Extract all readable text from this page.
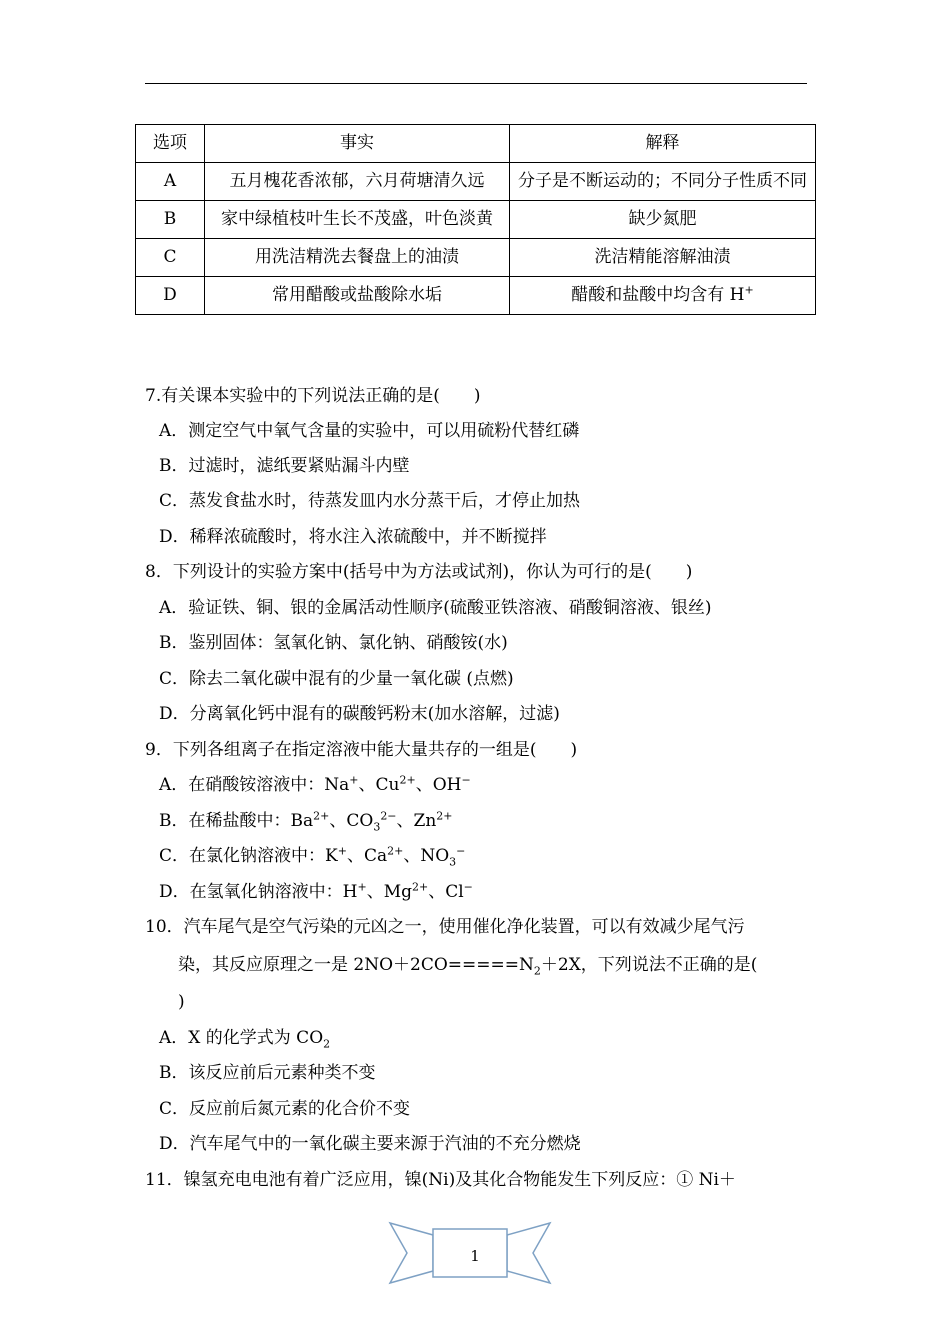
选项	事实	解释
A	五月槐花香浓郁，六月荷塘清久远	分子是不断运动的；不同分子性质不同
B	家中绿植枝叶生长不茂盛，叶色淡黄	缺少氮肥
C	用洗洁精洗去餐盘上的油渍	洗洁精能溶解油渍
D	常用醋酸或盐酸除水垢	醋酸和盐酸中均含有 H+
7.有关课本实验中的下列说法正确的是(　　)
A．测定空气中氧气含量的实验中，可以用硫粉代替红磷
B．过滤时，滤纸要紧贴漏斗内壁
C．蒸发食盐水时，待蒸发皿内水分蒸干后，才停止加热
D．稀释浓硫酸时，将水注入浓硫酸中，并不断搅拌
8．下列设计的实验方案中(括号中为方法或试剂)，你认为可行的是(　　)
A．验证铁、铜、银的金属活动性顺序(硫酸亚铁溶液、硝酸铜溶液、银丝)
B．鉴别固体：氢氧化钠、氯化钠、硝酸铵(水)
C．除去二氧化碳中混有的少量一氧化碳 (点燃)
D．分离氧化钙中混有的碳酸钙粉末(加水溶解，过滤)
9．下列各组离子在指定溶液中能大量共存的一组是(　　)
A．在硝酸铵溶液中：Na+、$Cu^{2+}$、OH−
B．在稀盐酸中：$Ba^{2+}$、$CO_3^{2-}$、$Zn^{2+}$
C．在氯化钠溶液中：K+、$Ca^{2+}$、$NO_3^-$
D．在氢氧化钠溶液中：H+、$Mg^{2+}$、Cl−
10．汽车尾气是空气污染的元凶之一，使用催化净化装置，可以有效减少尾气污
染，其反应原理之一是 $2NO+2CO=====N_2+2X$，下列说法不正确的是(
)
A．X 的化学式为 $CO_2$
B．该反应前后元素种类不变
C．反应前后氮元素的化合价不变
D．汽车尾气中的一氧化碳主要来源于汽油的不充分燃烧
11．镍氢充电电池有着广泛应用，镍(Ni)及其化合物能发生下列反应：① Ni＋
1
